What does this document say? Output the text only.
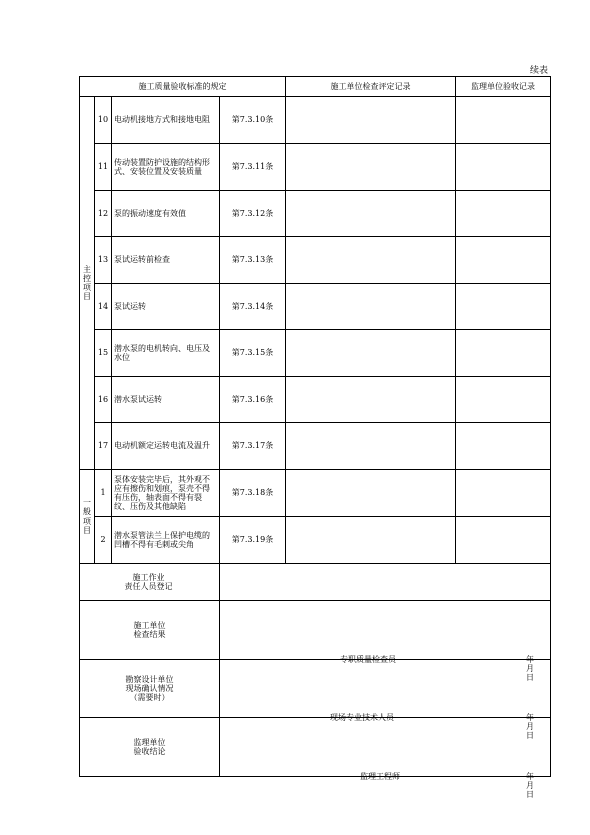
续表
施工质量验收标准的规定				施工单位检查评定记录	监理单位验收记录
主
控
项
目	10	电动机接地方式和接地电阻	第7.3.10条		
	11	传动装置防护设施的结构形式、安装位置及安装质量	第7.3.11条		
	12	泵的振动速度有效值	第7.3.12条		
	13	泵试运转前检查	第7.3.13条		
	14	泵试运转	第7.3.14条		
	15	潜水泵的电机转向、电压及水位	第7.3.15条		
	16	潜水泵试运转	第7.3.16条		
	17	电动机额定运转电流及温升	第7.3.17条		
一
般
项
目	1	泵体安装完毕后，其外观不应有擦伤和划痕，泵壳不得有压伤，轴表面不得有裂纹、压伤及其他缺陷	第7.3.18条		
	2	潜水泵管法兰上保护电缆的凹槽不得有毛刺或尖角	第7.3.19条		
施工作业
责任人员登记					
施工单位
检查结果			专职质量检查员 年 月 日		

勘察设计单位
现场确认情况
（需要时）			现场专业技术人员 年 月 日		

监理单位
验收结论			监理工程师 年 月 日		
